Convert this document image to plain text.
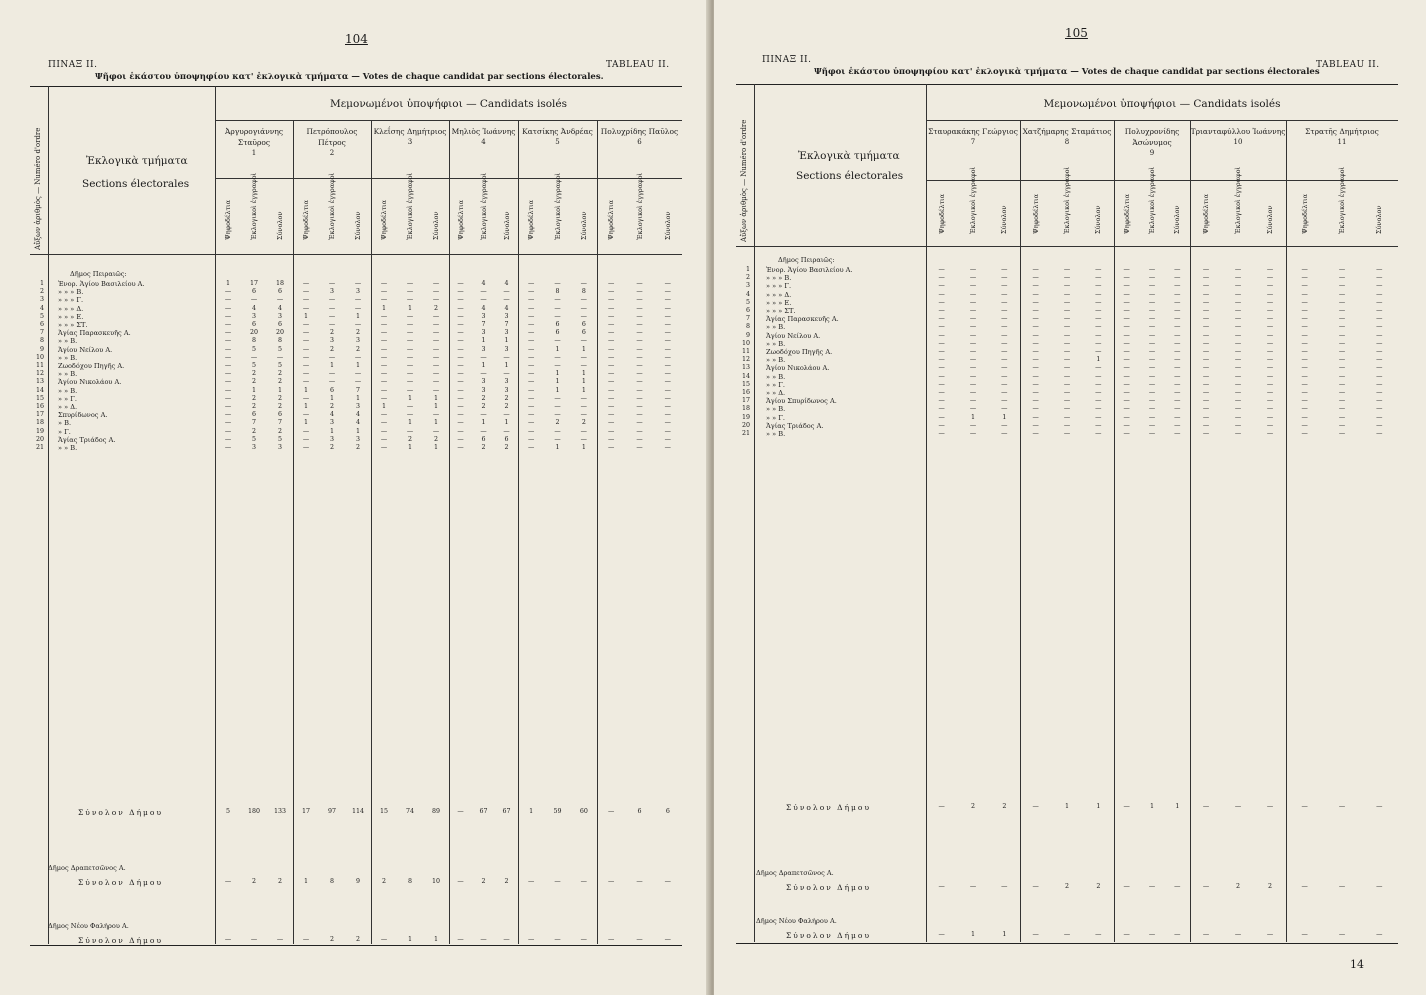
104
ΠΙΝΑΞ II.	TABLEAU II.
Ψῆφοι ἑκάστου ὑποψηφίου κατ' ἐκλογικὰ τμήματα — Votes de chaque candidat par sections électorales.
Αὔξων ἀριθμὸς — Numéro d'ordre	Ἐκλογικὰ τμήματα
Sections électorales
Μεμονωμένοι ὑποψήφιοι — Candidats isolés
Ἀργυρογιάννης Σταῦρος
1
Ψηφοδέλτια	Ἐκλογικοὶ ἐγγραφοὶ	Σύνολον
Πετρόπουλος Πέτρος
2
Ψηφοδέλτια	Ἐκλογικοὶ ἐγγραφοὶ	Σύνολον
Κλεΐσης Δημήτριος
3
Ψηφοδέλτια	Ἐκλογικοὶ ἐγγραφοὶ	Σύνολον
Μηλιὸς Ἰωάννης
4
Ψηφοδέλτια Ἐκλογικοὶ ἐγγραφοὶ Σύνολον
Κατσίκης Ἀνδρέας
5
Ψηφοδέλτια	Ἐκλογικοὶ ἐγγραφοὶ	Σύνολον
Πολυχρίδης Παῦλος
6
Ψηφοδέλτια	Ἐκλογικοὶ ἐγγραφοὶ	Σύνολον
Δῆμος Πειραιῶς:
1 Ἐνορ. Ἁγίου Βασιλείου Α.	1	17	18	—	—	—	—	—	—	—	4	4	—	—	—	—	—	—
2 » » » Β.	—	6	6	—	3	3	—	—	—	—	—	—	—	8	8	—	—	—
3 » » » Γ.	—	—	—	—	—	—	—	—	—	—	—	—	—	—	—	—	—	—
4 » » » Δ.	—	4	4	—	—	—	1	1	2	—	4	4	—	—	—	—	—	—
5 » » » Ε.	—	3	3	1	—	1	—	—	—	—	3	3	—	—	—	—	—	—
6 » » » ΣΤ.	—	6	6	—	—	—	—	—	—	—	7	7	—	6	6	—	—	—
7 Ἁγίας Παρασκευῆς Α.	—	20	20	—	2	2	—	—	—	—	3	3	—	6	6	—	—	—
8 » » Β.	—	8	8	—	3	3	—	—	—	—	1	1	—	—	—	—	—	—
9 Ἁγίου Νείλου Α.	—	5	5	—	2	2	—	—	—	—	3	3	—	1	1	—	—	—
10 » » Β.	—	—	—	—	—	—	—	—	—	—	—	—	—	—	—	—	—	—
11 Ζωοδόχου Πηγῆς Α.	—	5	5	—	1	1	—	—	—	—	1	1	—	—	—	—	—	—
12 » » Β.	—	2	2	—	—	—	—	—	—	—	—	—	—	1	1	—	—	—
13 Ἁγίου Νικολάου Α.	—	2	2	—	—	—	—	—	—	—	3	3	—	1	1	—	—	—
14 » » Β.	—	1	1	1	6	7	—	—	—	—	3	3	—	1	1	—	—	—
15 » » Γ.	—	2	2	—	1	1	—	1	1	—	2	2	—	—	—	—	—	—
16 » » Δ.	—	2	2	1	2	3	1	—	1	—	2	2	—	—	—	—	—	—
17 Σπυρίδωνος Α.	—	6	6	—	4	4	—	—	—	—	—	—	—	—	—	—	—	—
18 » Β.	—	7	7	1	3	4	—	1	1	—	1	1	—	2	2	—	—	—
19 » Γ.	—	2	2	—	1	1	—	—	—	—	—	—	—	—	—	—	—	—
20 Ἁγίας Τριάδος Α.	—	5	5	—	3	3	—	2	2	—	6	6	—	—	—	—	—	—
21 » » Β.	—	3	3	—	2	2	—	1	1	—	2	2	—	1	1	—	—	—
Σύνολον Δήμου	5	180	133	17	97	114	15	74	89	—	67	67	1	59	60	—	6	6
Δῆμος Δραπετσῶνος Α.
Σύνολον Δήμου	—	2	2	1	8	9	2	8	10	—	2	2	—	—	—	—	—	—
Δῆμος Νέου Φαλήρου Α.
Σύνολον Δήμου	—	—	—	—	2	2	—	1	1	—	—	—	—	—	—	—	—	—
105
ΠΙΝΑΞ II.	TABLEAU II.
Ψῆφοι ἑκάστου ὑποψηφίου κατ' ἐκλογικὰ τμήματα — Votes de chaque candidat par sections électorales
Αὔξων ἀριθμὸς — Numéro d'ordre	Ἐκλογικὰ τμήματα
Sections électorales
Μεμονωμένοι ὑποψήφιοι — Candidats isolés
Σταυρακάκης Γεώργιος
7
Ψηφοδέλτια	Ἐκλογικοὶ ἐγγραφοὶ	Σύνολον
Χατζήμαρης Σταμάτιος
8
Ψηφοδέλτια	Ἐκλογικοὶ ἐγγραφοὶ	Σύνολον
Πολυχρονίδης Ἀσώνυμος
9
Ψηφοδέλτια	Ἐκλογικοὶ ἐγγραφοὶ	Σύνολον
Τριανταφύλλου Ἰωάννης
10
Ψηφοδέλτια	Ἐκλογικοὶ ἐγγραφοὶ	Σύνολον
Στρατῆς Δημήτριος
11
Ψηφοδέλτια	Ἐκλογικοὶ ἐγγραφοὶ	Σύνολον
Δῆμος Πειραιῶς:
1 Ἐνορ. Ἁγίου Βασιλείου Α.	—	—	—	—	—	—	—	—	—	—	—	—	—	—	—
2 » » » Β.	—	—	—	—	—	—	—	—	—	—	—	—	—	—	—
3 » » » Γ.	—	—	—	—	—	—	—	—	—	—	—	—	—	—	—
4 » » » Δ.	—	—	—	—	—	—	—	—	—	—	—	—	—	—	—
5 » » » Ε.	—	—	—	—	—	—	—	—	—	—	—	—	—	—	—
6 » » » ΣΤ.	—	—	—	—	—	—	—	—	—	—	—	—	—	—	—
7 Ἁγίας Παρασκευῆς Α.	—	—	—	—	—	—	—	—	—	—	—	—	—	—	—
8 » » Β.	—	—	—	—	—	—	—	—	—	—	—	—	—	—	—
9 Ἁγίου Νείλου Α.	—	—	—	—	—	—	—	—	—	—	—	—	—	—	—
10 » » Β.	—	—	—	—	—	—	—	—	—	—	—	—	—	—	—
11 Ζωοδόχου Πηγῆς Α.	—	—	—	—	—	—	—	—	—	—	—	—	—	—	—
12 » » Β.	—	—	—	—	—	1	—	—	—	—	—	—	—	—	—
13 Ἁγίου Νικολάου Α.	—	—	—	—	—	—	—	—	—	—	—	—	—	—	—
14 » » Β.	—	—	—	—	—	—	—	—	—	—	—	—	—	—	—
15 » » Γ.	—	—	—	—	—	—	—	—	—	—	—	—	—	—	—
16 » » Δ.	—	—	—	—	—	—	—	—	—	—	—	—	—	—	—
17 Ἁγίου Σπυρίδωνος Α.	—	—	—	—	—	—	—	—	—	—	—	—	—	—	—
18 » » Β.	—	—	—	—	—	—	—	—	—	—	—	—	—	—	—
19 » » Γ.	—	1	1	—	—	—	—	—	—	—	—	—	—	—	—
20 Ἁγίας Τριάδος Α.	—	—	—	—	—	—	—	—	—	—	—	—	—	—	—
21 » » Β.	—	—	—	—	—	—	—	—	—	—	—	—	—	—	—
Σύνολον Δήμου	—	2	2	—	1	1	—	1	1	—	—	—	—	—	—
Δῆμος Δραπετσῶνος Α.
Σύνολον Δήμου	—	—	—	—	2	2	—	—	—	—	2	2	—	—	—
Δῆμος Νέου Φαλήρου Α.
Σύνολον Δήμου	—	1	1	—	—	—	—	—	—	—	—	—	—	—	—
14
